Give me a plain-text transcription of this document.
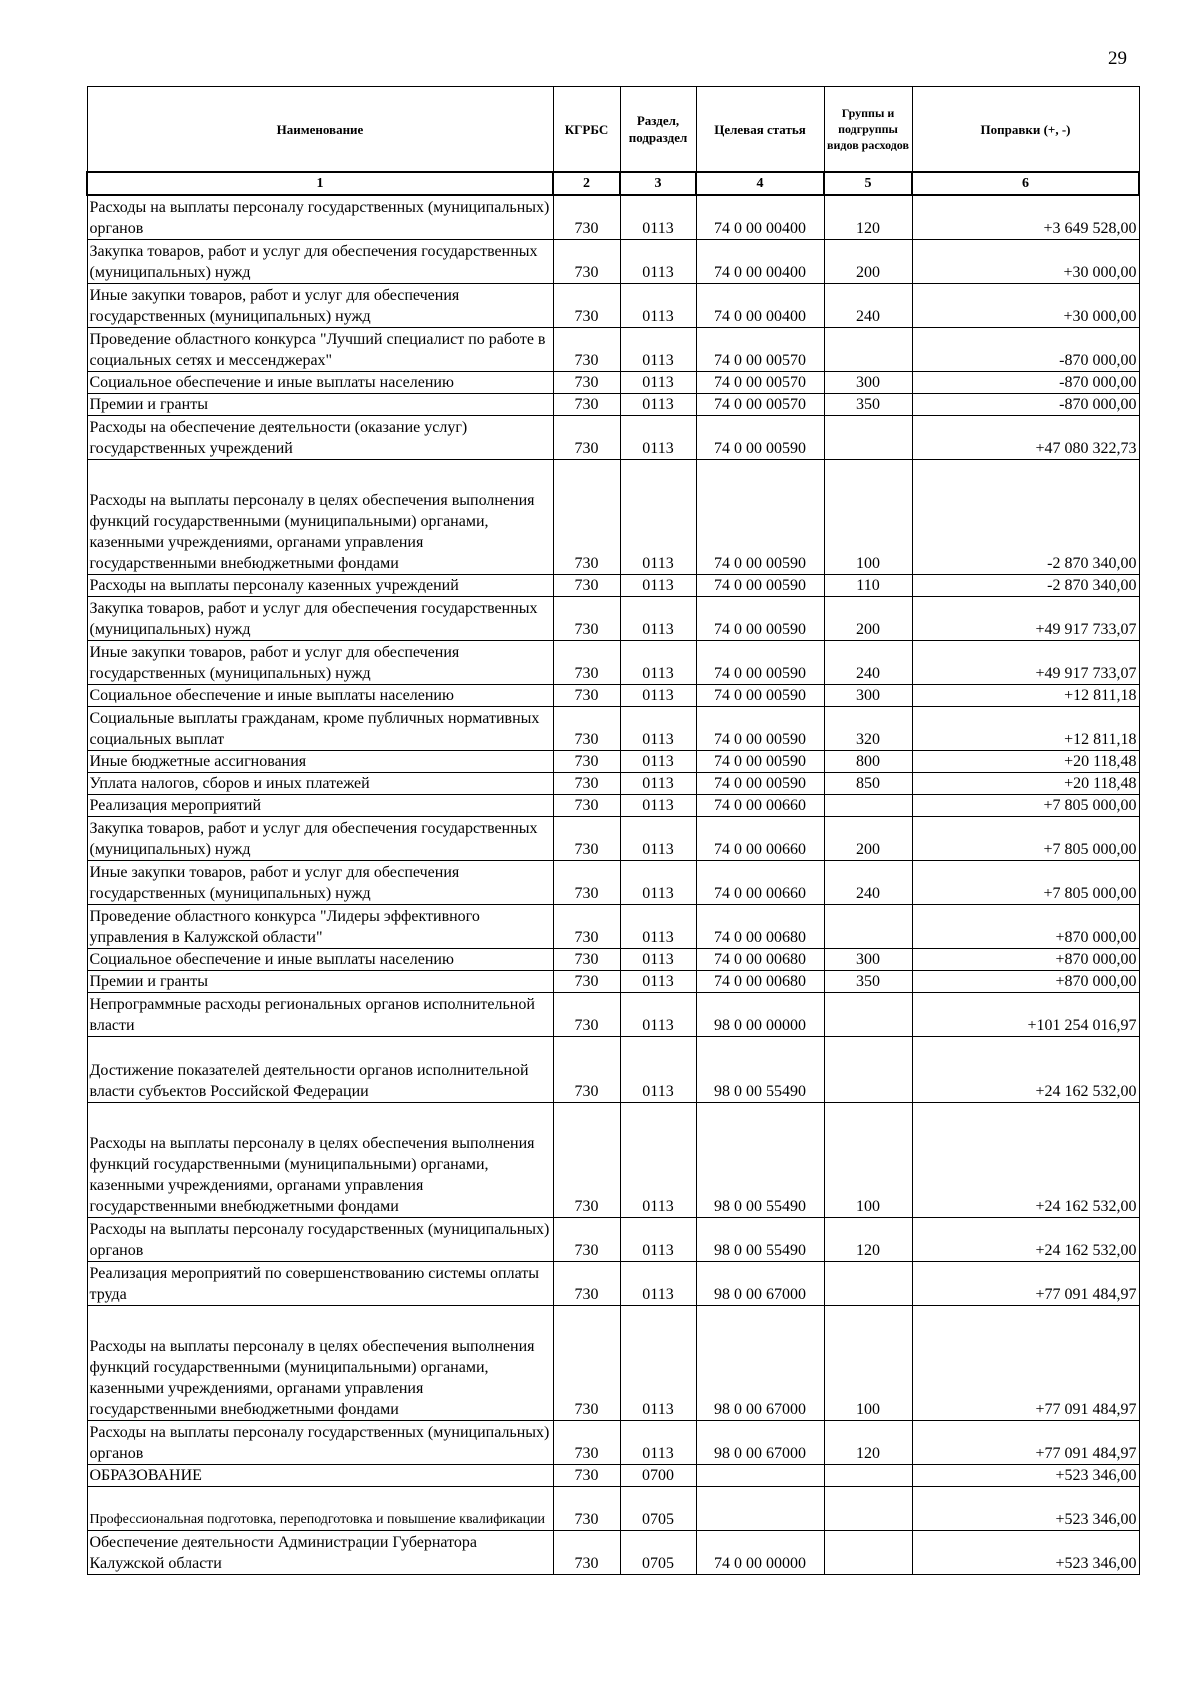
29
Наименование	КГРБС	Раздел, подраздел	Целевая статья	Группы и подгруппы видов расходов	Поправки (+, -)
1	2	3	4	5	6
Расходы на выплаты персоналу государственных (муниципальных) органов	730	0113	74 0 00 00400	120	+3 649 528,00
Закупка товаров, работ и услуг для обеспечения государственных (муниципальных) нужд	730	0113	74 0 00 00400	200	+30 000,00
Иные закупки товаров, работ и услуг для обеспечения государственных (муниципальных) нужд	730	0113	74 0 00 00400	240	+30 000,00
Проведение областного конкурса "Лучший специалист по работе в социальных сетях и мессенджерах"	730	0113	74 0 00 00570		-870 000,00
Социальное обеспечение и иные выплаты населению	730	0113	74 0 00 00570	300	-870 000,00
Премии и гранты	730	0113	74 0 00 00570	350	-870 000,00
Расходы на обеспечение деятельности (оказание услуг) государственных учреждений	730	0113	74 0 00 00590		+47 080 322,73
Расходы на выплаты персоналу в целях обеспечения выполнения функций государственными (муниципальными) органами, казенными учреждениями, органами управления государственными внебюджетными фондами	730	0113	74 0 00 00590	100	-2 870 340,00
Расходы на выплаты персоналу казенных учреждений	730	0113	74 0 00 00590	110	-2 870 340,00
Закупка товаров, работ и услуг для обеспечения государственных (муниципальных) нужд	730	0113	74 0 00 00590	200	+49 917 733,07
Иные закупки товаров, работ и услуг для обеспечения государственных (муниципальных) нужд	730	0113	74 0 00 00590	240	+49 917 733,07
Социальное обеспечение и иные выплаты населению	730	0113	74 0 00 00590	300	+12 811,18
Социальные выплаты гражданам, кроме публичных нормативных социальных выплат	730	0113	74 0 00 00590	320	+12 811,18
Иные бюджетные ассигнования	730	0113	74 0 00 00590	800	+20 118,48
Уплата налогов, сборов и иных платежей	730	0113	74 0 00 00590	850	+20 118,48
Реализация мероприятий	730	0113	74 0 00 00660		+7 805 000,00
Закупка товаров, работ и услуг для обеспечения государственных (муниципальных) нужд	730	0113	74 0 00 00660	200	+7 805 000,00
Иные закупки товаров, работ и услуг для обеспечения государственных (муниципальных) нужд	730	0113	74 0 00 00660	240	+7 805 000,00
Проведение областного конкурса "Лидеры эффективного управления в Калужской области"	730	0113	74 0 00 00680		+870 000,00
Социальное обеспечение и иные выплаты населению	730	0113	74 0 00 00680	300	+870 000,00
Премии и гранты	730	0113	74 0 00 00680	350	+870 000,00
Непрограммные расходы региональных органов исполнительной власти	730	0113	98 0 00 00000		+101 254 016,97
Достижение показателей деятельности органов исполнительной власти субъектов Российской Федерации	730	0113	98 0 00 55490		+24 162 532,00
Расходы на выплаты персоналу в целях обеспечения выполнения функций государственными (муниципальными) органами, казенными учреждениями, органами управления государственными внебюджетными фондами	730	0113	98 0 00 55490	100	+24 162 532,00
Расходы на выплаты персоналу государственных (муниципальных) органов	730	0113	98 0 00 55490	120	+24 162 532,00
Реализация мероприятий по совершенствованию системы оплаты труда	730	0113	98 0 00 67000		+77 091 484,97
Расходы на выплаты персоналу в целях обеспечения выполнения функций государственными (муниципальными) органами, казенными учреждениями, органами управления государственными внебюджетными фондами	730	0113	98 0 00 67000	100	+77 091 484,97
Расходы на выплаты персоналу государственных (муниципальных) органов	730	0113	98 0 00 67000	120	+77 091 484,97
ОБРАЗОВАНИЕ	730	0700			+523 346,00
Профессиональная подготовка, переподготовка и повышение квалификации	730	0705			+523 346,00
Обеспечение деятельности Администрации Губернатора Калужской области	730	0705	74 0 00 00000		+523 346,00
